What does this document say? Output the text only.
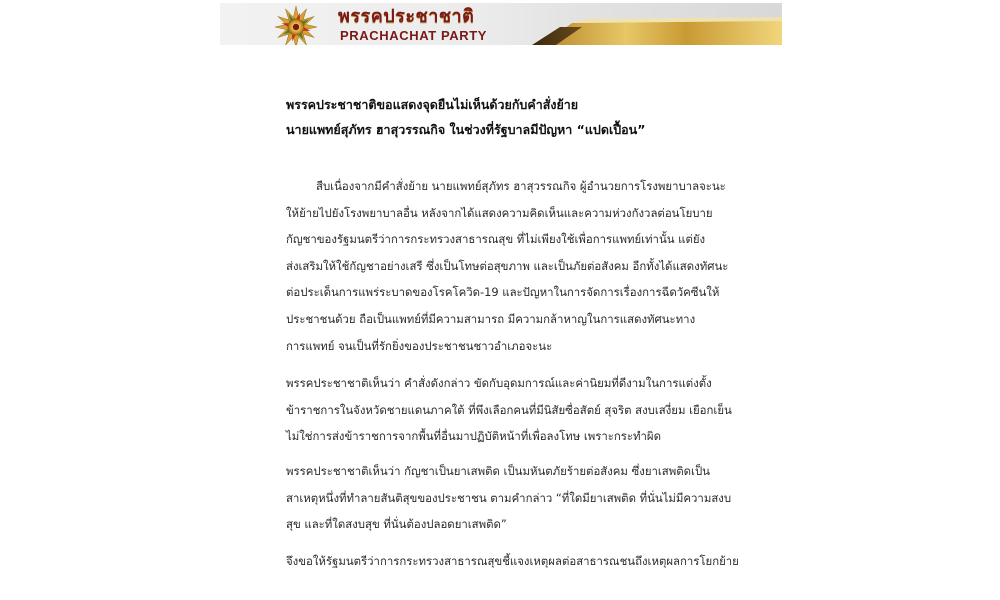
พรรคประชาชาติ
PRACHACHAT PARTY
พรรคประชาชาติขอแสดงจุดยืนไม่เห็นด้วยกับคำสั่งย้าย
นายแพทย์สุภัทร ฮาสุวรรณกิจ ในช่วงที่รัฐบาลมีปัญหา “แปดเปื้อน”
สืบเนื่องจากมีคำสั่งย้าย นายแพทย์สุภัทร ฮาสุวรรณกิจ ผู้อำนวยการโรงพยาบาลจะนะ
ให้ย้ายไปยังโรงพยาบาลอื่น หลังจากได้แสดงความคิดเห็นและความห่วงกังวลต่อนโยบาย
กัญชาของรัฐมนตรีว่าการกระทรวงสาธารณสุข ที่ไม่เพียงใช้เพื่อการแพทย์เท่านั้น แต่ยัง
ส่งเสริมให้ใช้กัญชาอย่างเสรี ซึ่งเป็นโทษต่อสุขภาพ และเป็นภัยต่อสังคม อีกทั้งได้แสดงทัศนะ
ต่อประเด็นการแพร่ระบาดของโรคโควิด-19 และปัญหาในการจัดการเรื่องการฉีดวัคซีนให้
ประชาชนด้วย ถือเป็นแพทย์ที่มีความสามารถ มีความกล้าหาญในการแสดงทัศนะทาง
การแพทย์ จนเป็นที่รักยิ่งของประชาชนชาวอำเภอจะนะ
พรรคประชาชาติเห็นว่า คำสั่งดังกล่าว ขัดกับอุดมการณ์และค่านิยมที่ดีงามในการแต่งตั้ง
ข้าราชการในจังหวัดชายแดนภาคใต้ ที่พึงเลือกคนที่มีนิสัยซื่อสัตย์ สุจริต สงบเสงี่ยม เยือกเย็น
ไม่ใช่การส่งข้าราชการจากพื้นที่อื่นมาปฏิบัติหน้าที่เพื่อลงโทษ เพราะกระทำผิด
พรรคประชาชาติเห็นว่า กัญชาเป็นยาเสพติด เป็นมหันตภัยร้ายต่อสังคม ซึ่งยาเสพติดเป็น
สาเหตุหนึ่งที่ทำลายสันติสุขของประชาชน ตามคำกล่าว “ที่ใดมียาเสพติด ที่นั่นไม่มีความสงบ
สุข และที่ใดสงบสุข ที่นั่นต้องปลอดยาเสพติด”
จึงขอให้รัฐมนตรีว่าการกระทรวงสาธารณสุขชี้แจงเหตุผลต่อสาธารณชนถึงเหตุผลการโยกย้าย
